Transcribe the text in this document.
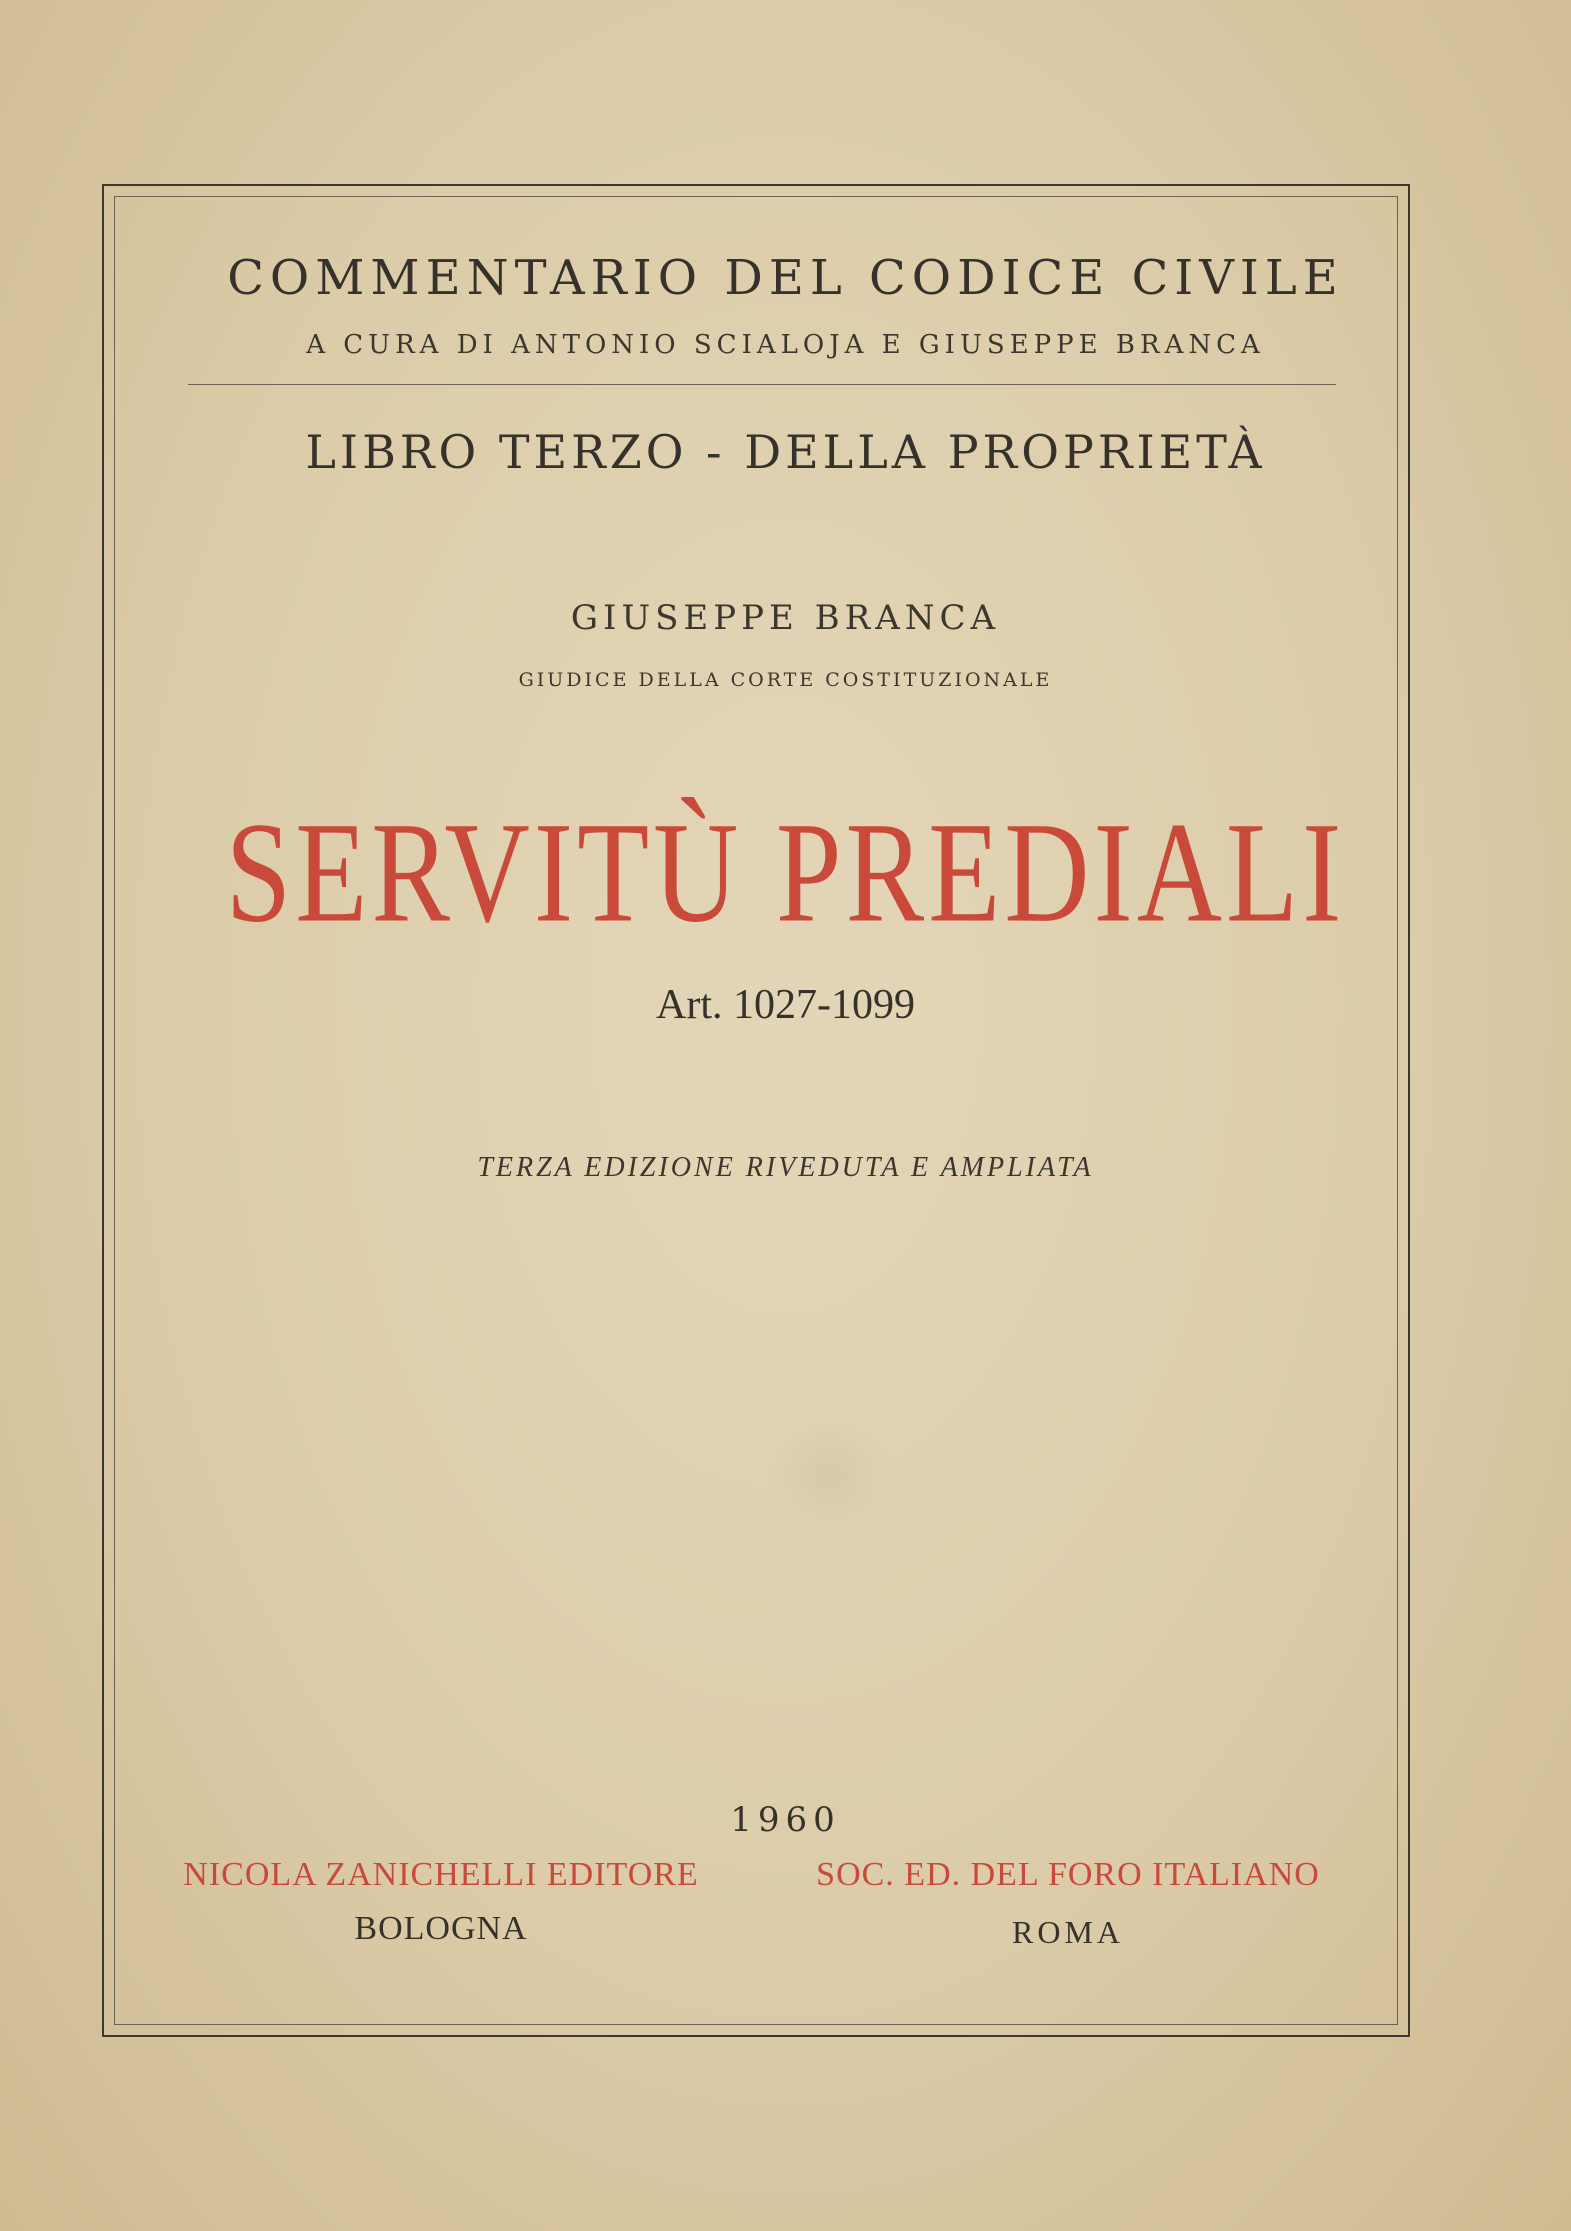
COMMENTARIO DEL CODICE CIVILE
A CURA DI ANTONIO SCIALOJA E GIUSEPPE BRANCA
LIBRO TERZO - DELLA PROPRIETÀ
GIUSEPPE BRANCA
GIUDICE DELLA CORTE COSTITUZIONALE
SERVITÙ PREDIALI
Art. 1027-1099
TERZA EDIZIONE RIVEDUTA E AMPLIATA
1960
NICOLA ZANICHELLI EDITORE
BOLOGNA
SOC. ED. DEL FORO ITALIANO
ROMA
